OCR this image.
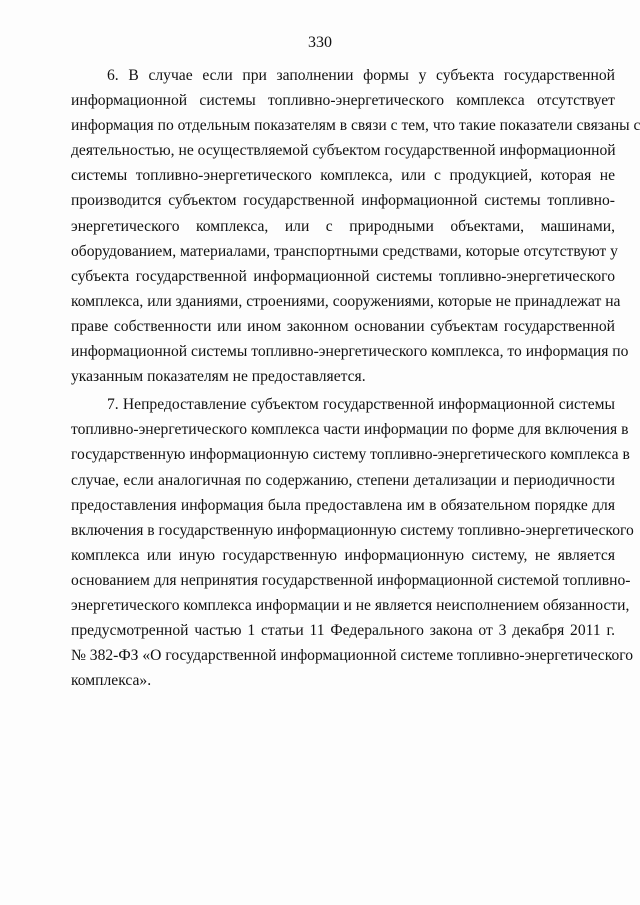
330
6. В случае если при заполнении формы у субъекта государственной
информационной системы топливно-энергетического комплекса отсутствует
информация по отдельным показателям в связи с тем, что такие показатели связаны с
деятельностью, не осуществляемой субъектом государственной информационной
системы топливно-энергетического комплекса, или с продукцией, которая не
производится субъектом государственной информационной системы топливно-
энергетического комплекса, или с природными объектами, машинами,
оборудованием, материалами, транспортными средствами, которые отсутствуют у
субъекта государственной информационной системы топливно-энергетического
комплекса, или зданиями, строениями, сооружениями, которые не принадлежат на
праве собственности или ином законном основании субъектам государственной
информационной системы топливно-энергетического комплекса, то информация по
указанным показателям не предоставляется.
7. Непредоставление субъектом государственной информационной системы
топливно-энергетического комплекса части информации по форме для включения в
государственную информационную систему топливно-энергетического комплекса в
случае, если аналогичная по содержанию, степени детализации и периодичности
предоставления информация была предоставлена им в обязательном порядке для
включения в государственную информационную систему топливно-энергетического
комплекса или иную государственную информационную систему, не является
основанием для непринятия государственной информационной системой топливно-
энергетического комплекса информации и не является неисполнением обязанности,
предусмотренной частью 1 статьи 11 Федерального закона от 3 декабря 2011 г.
№ 382-ФЗ «О государственной информационной системе топливно-энергетического
комплекса».
